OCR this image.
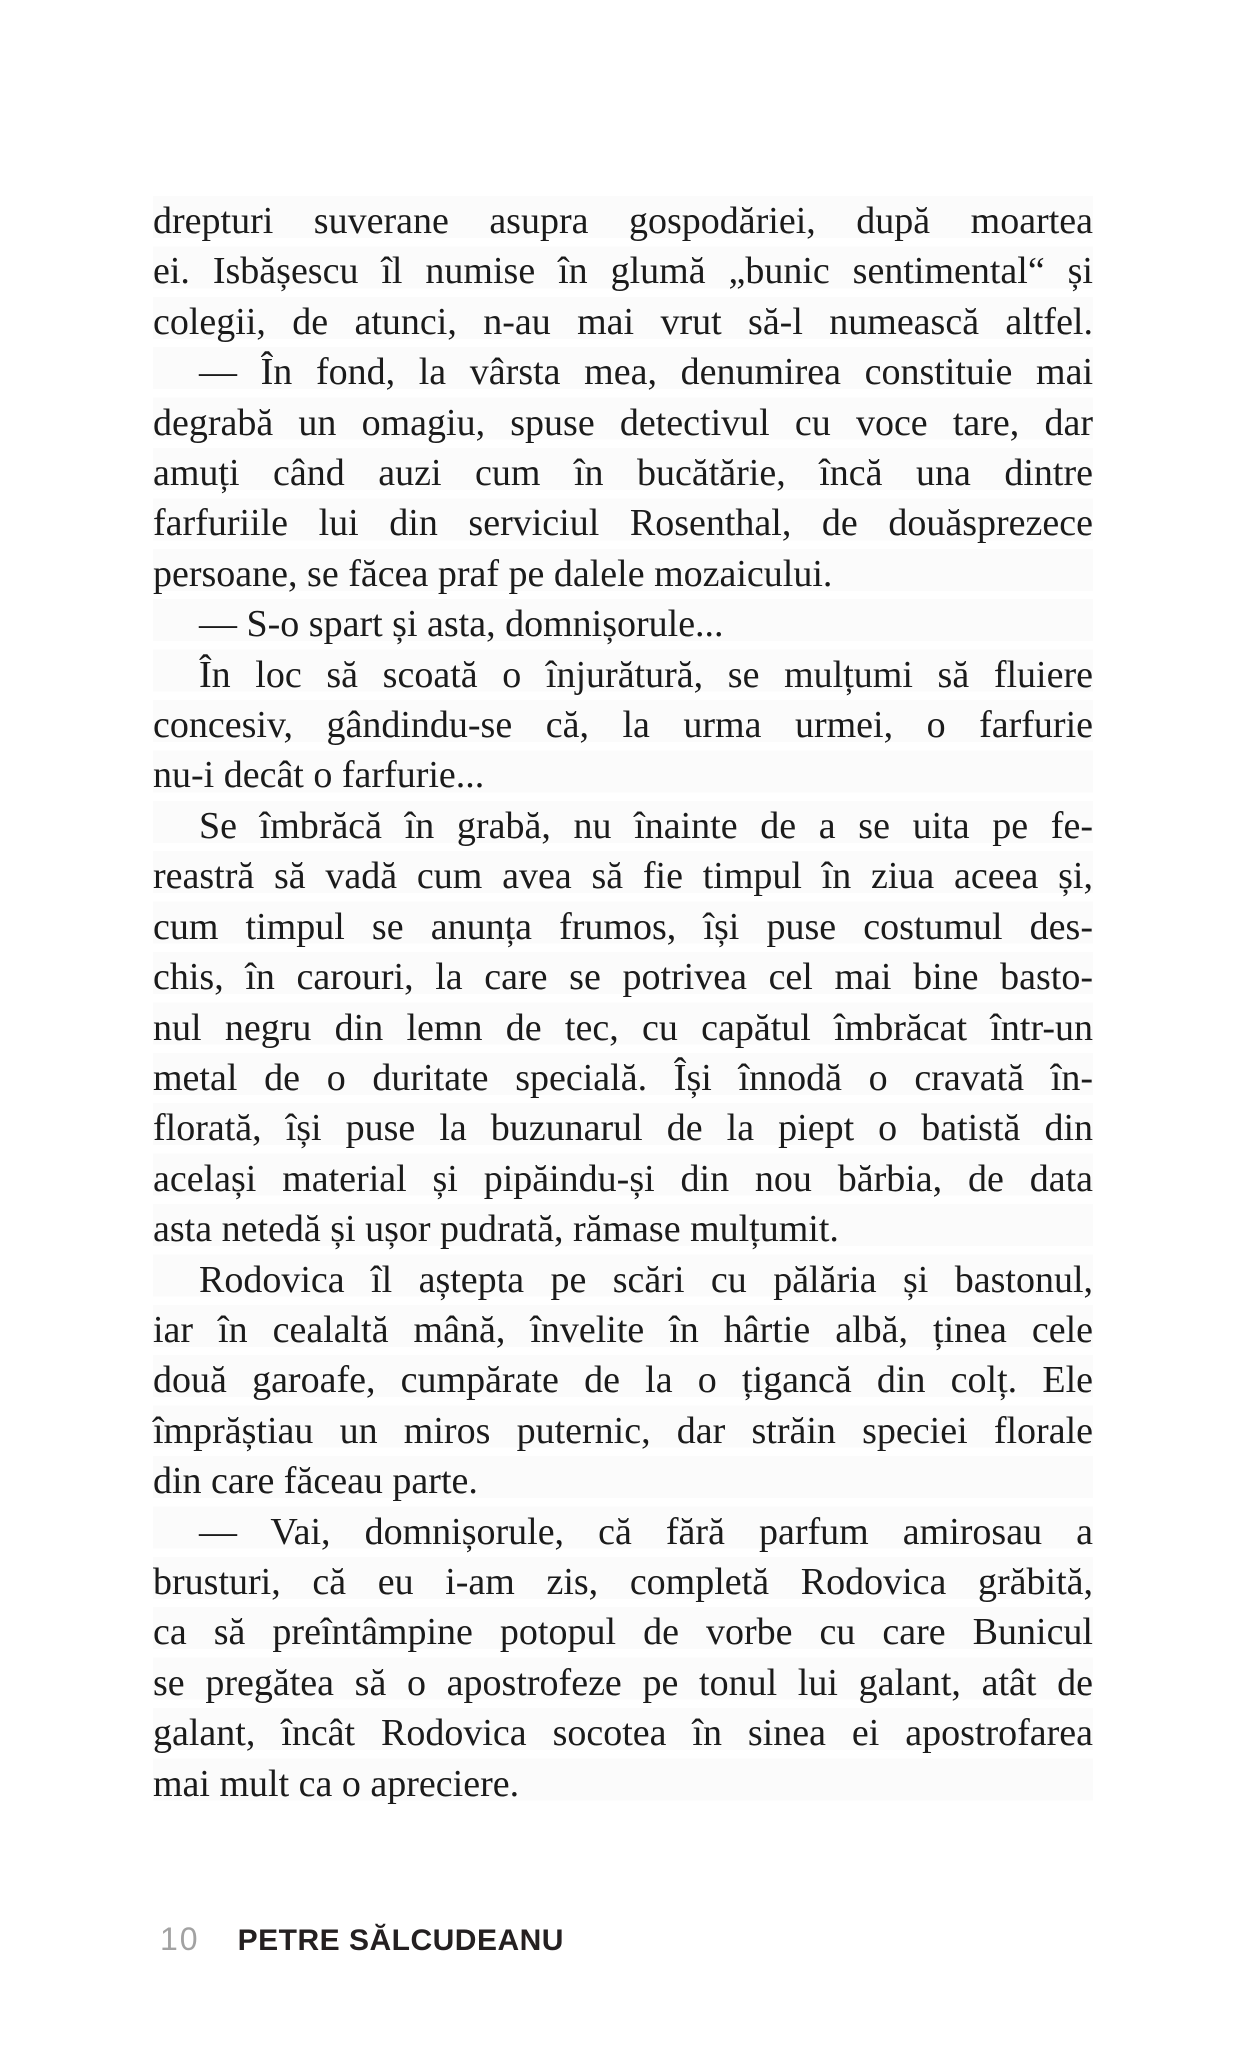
drepturi suverane asupra gospodăriei, după moartea
ei. Isbășescu îl numise în glumă „bunic sentimental“ și
colegii, de atunci, n-au mai vrut să-l numească altfel.
— În fond, la vârsta mea, denumirea constituie mai
degrabă un omagiu, spuse detectivul cu voce tare, dar
amuți când auzi cum în bucătărie, încă una dintre
farfuriile lui din serviciul Rosenthal, de douăsprezece
persoane, se făcea praf pe dalele mozaicului.
— S-o spart și asta, domnișorule...
În loc să scoată o înjurătură, se mulțumi să fluiere
concesiv, gândindu-se că, la urma urmei, o farfurie
nu-i decât o farfurie...
Se îmbrăcă în grabă, nu înainte de a se uita pe fe-
reastră să vadă cum avea să fie timpul în ziua aceea și,
cum timpul se anunța frumos, își puse costumul des-
chis, în carouri, la care se potrivea cel mai bine basto-
nul negru din lemn de tec, cu capătul îmbrăcat într-un
metal de o duritate specială. Își înnodă o cravată în-
florată, își puse la buzunarul de la piept o batistă din
același material și pipăindu-și din nou bărbia, de data
asta netedă și ușor pudrată, rămase mulțumit.
Rodovica îl aștepta pe scări cu pălăria și bastonul,
iar în cealaltă mână, învelite în hârtie albă, ținea cele
două garoafe, cumpărate de la o țigancă din colț. Ele
împrăștiau un miros puternic, dar străin speciei florale
din care făceau parte.
— Vai, domnișorule, că fără parfum amirosau a
brusturi, că eu i-am zis, completă Rodovica grăbită,
ca să preîntâmpine potopul de vorbe cu care Bunicul
se pregătea să o apostrofeze pe tonul lui galant, atât de
galant, încât Rodovica socotea în sinea ei apostrofarea
mai mult ca o apreciere.
10 PETRE SĂLCUDEANU
